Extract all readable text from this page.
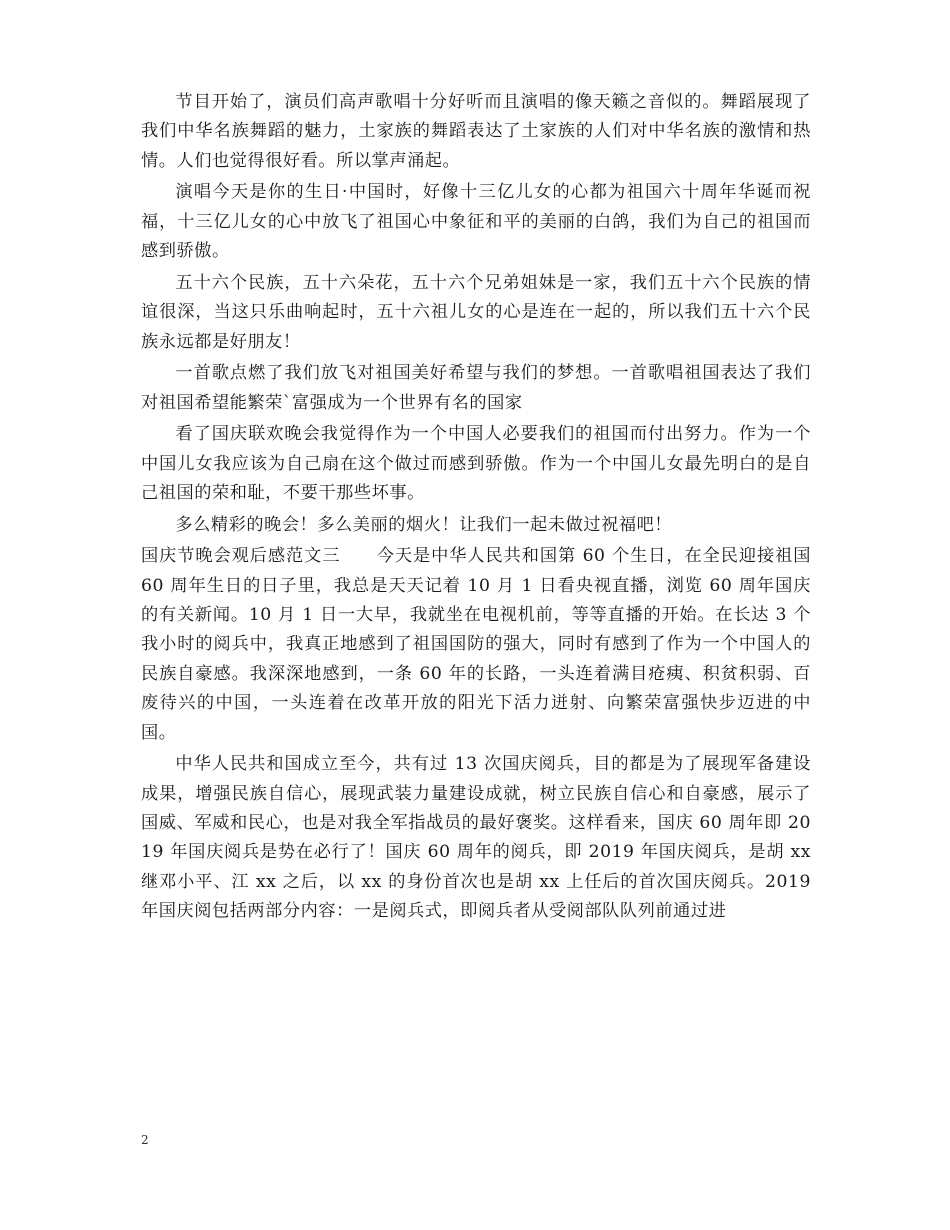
节目开始了，演员们高声歌唱十分好听而且演唱的像天籁之音似的。舞蹈展现了我们中华名族舞蹈的魅力，土家族的舞蹈表达了土家族的人们对中华名族的激情和热情。人们也觉得很好看。所以掌声涌起。

演唱今天是你的生日·中国时，好像十三亿儿女的心都为祖国六十周年华诞而祝福，十三亿儿女的心中放飞了祖国心中象征和平的美丽的白鸽，我们为自己的祖国而感到骄傲。

五十六个民族，五十六朵花，五十六个兄弟姐妹是一家，我们五十六个民族的情谊很深，当这只乐曲响起时，五十六祖儿女的心是连在一起的，所以我们五十六个民族永远都是好朋友！

一首歌点燃了我们放飞对祖国美好希望与我们的梦想。一首歌唱祖国表达了我们对祖国希望能繁荣`富强成为一个世界有名的国家

看了国庆联欢晚会我觉得作为一个中国人必要我们的祖国而付出努力。作为一个中国儿女我应该为自己扇在这个做过而感到骄傲。作为一个中国儿女最先明白的是自己祖国的荣和耻，不要干那些坏事。

多么精彩的晚会！多么美丽的烟火！让我们一起未做过祝福吧！

国庆节晚会观后感范文三　　今天是中华人民共和国第 60 个生日，在全民迎接祖国 60 周年生日的日子里，我总是天天记着 10 月 1 日看央视直播，浏览 60 周年国庆的有关新闻。10 月 1 日一大早，我就坐在电视机前，等等直播的开始。在长达 3 个我小时的阅兵中，我真正地感到了祖国国防的强大，同时有感到了作为一个中国人的民族自豪感。我深深地感到，一条 60 年的长路，一头连着满目疮痍、积贫积弱、百废待兴的中国，一头连着在改革开放的阳光下活力迸射、向繁荣富强快步迈进的中国。

中华人民共和国成立至今，共有过 13 次国庆阅兵，目的都是为了展现军备建设成果，增强民族自信心，展现武装力量建设成就，树立民族自信心和自豪感，展示了国威、军威和民心，也是对我全军指战员的最好褒奖。这样看来，国庆 60 周年即 2019 年国庆阅兵是势在必行了！国庆 60 周年的阅兵，即 2019 年国庆阅兵，是胡 xx 继邓小平、江 xx 之后，以 xx 的身份首次也是胡 xx 上任后的首次国庆阅兵。2019 年国庆阅包括两部分内容：一是阅兵式，即阅兵者从受阅部队队列前通过进

2
